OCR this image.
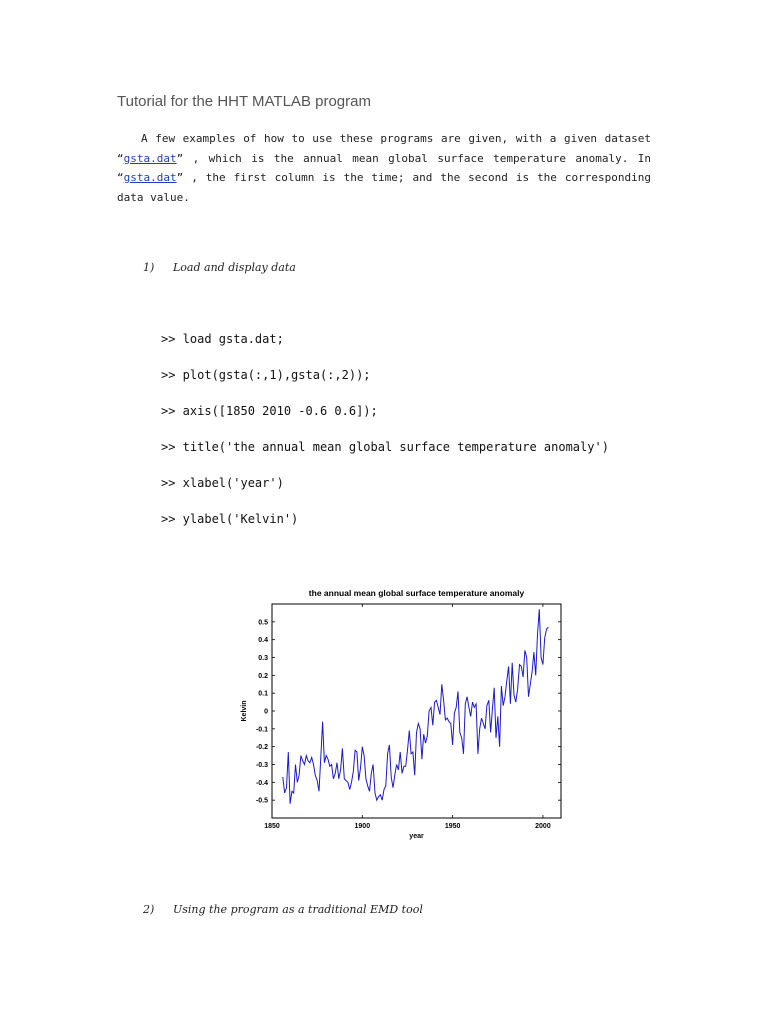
Tutorial for the HHT MATLAB program
A few examples of how to use these programs are given, with a given dataset “gsta.dat” , which is the annual mean global surface temperature anomaly. In “gsta.dat” , the first column is the time; and the second is the corresponding data value.
1) Load and display data
>> load gsta.dat;
>> plot(gsta(:,1),gsta(:,2));
>> axis([1850 2010 -0.6 0.6]);
>> title('the annual mean global surface temperature anomaly')
>> xlabel('year')
>> ylabel('Kelvin')
the annual mean global surface temperature anomaly
-0.5
-0.4
-0.3
-0.2
-0.1
0
0.1
0.2
0.3
0.4
0.5
1850	1900	1950	2000
year
Kelvin
2) Using the program as a traditional EMD tool
